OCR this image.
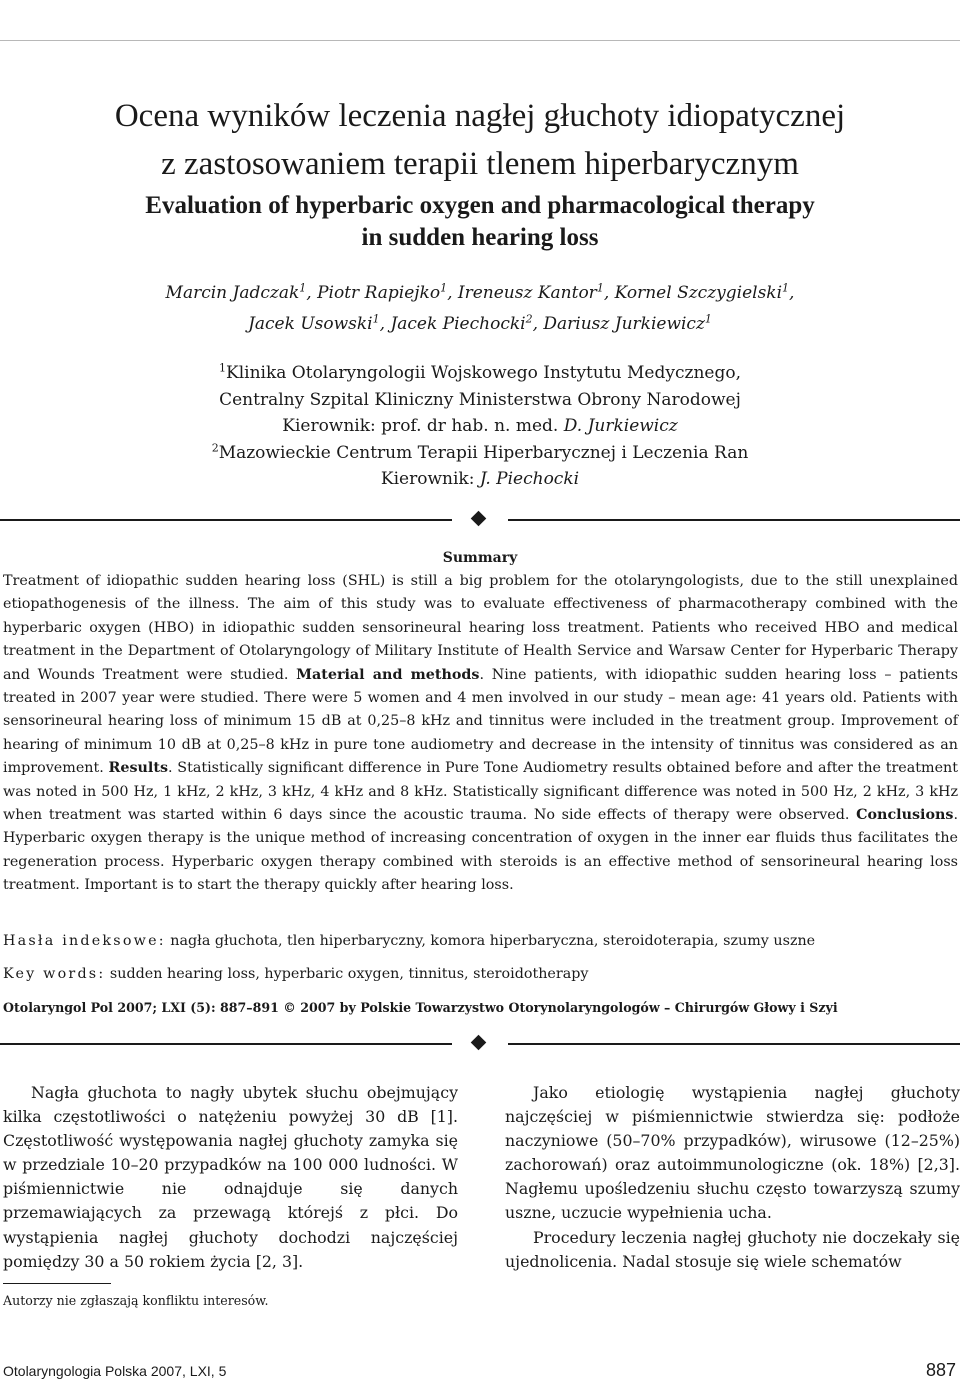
Ocena wyników leczenia nagłej głuchoty idiopatycznej
z zastosowaniem terapii tlenem hiperbarycznym
Evaluation of hyperbaric oxygen and pharmacological therapy
in sudden hearing loss
Marcin Jadczak$^1$, Piotr Rapiejko$^1$, Ireneusz Kantor$^1$, Kornel Szczygielski$^1$,
Jacek Usowski$^1$, Jacek Piechocki$^2$, Dariusz Jurkiewicz$^1$
$^1$Klinika Otolaryngologii Wojskowego Instytutu Medycznego,
Centralny Szpital Kliniczny Ministerstwa Obrony Narodowej
Kierownik: prof. dr hab. n. med. D. Jurkiewicz
$^2$Mazowieckie Centrum Terapii Hiperbarycznej i Leczenia Ran
Kierownik: J. Piechocki
Summary

Treatment of idiopathic sudden hearing loss (SHL) is still a big problem for the otolaryngologists, due to the still unexplained etiopathogenesis of the illness. The aim of this study was to evaluate effectiveness of pharmacotherapy combined with the hyperbaric oxygen (HBO) in idiopathic sudden sensorineural hearing loss treatment. Patients who received HBO and medical treatment in the Department of Otolaryngology of Military Institute of Health Service and Warsaw Center for Hyperbaric Therapy and Wounds Treatment were studied. Material and methods. Nine patients, with idiopathic sudden hearing loss – patients treated in 2007 year were studied. There were 5 women and 4 men involved in our study – mean age: 41 years old. Patients with sensorineural hearing loss of minimum 15 dB at 0,25–8 kHz and tinnitus were included in the treatment group. Improvement of hearing of minimum 10 dB at 0,25–8 kHz in pure tone audiometry and decrease in the intensity of tinnitus was considered as an improvement. Results. Statistically significant difference in Pure Tone Audiometry results obtained before and after the treatment was noted in 500 Hz, 1 kHz, 2 kHz, 3 kHz, 4 kHz and 8 kHz. Statistically significant difference was noted in 500 Hz, 2 kHz, 3 kHz when treatment was started within 6 days since the acoustic trauma. No side effects of therapy were observed. Conclusions. Hyperbaric oxygen therapy is the unique method of increasing concentration of oxygen in the inner ear fluids thus facilitates the regeneration process. Hyperbaric oxygen therapy combined with steroids is an effective method of sensorineural hearing loss treatment. Important is to start the therapy quickly after hearing loss.

Hasła indeksowe: nagła głuchota, tlen hiperbaryczny, komora hiperbaryczna, steroidoterapia, szumy uszne
Key words: sudden hearing loss, hyperbaric oxygen, tinnitus, steroidotherapy
Otolaryngol Pol 2007; LXI (5): 887–891 © 2007 by Polskie Towarzystwo Otorynolaryngologów – Chirurgów Głowy i Szyi

Nagła głuchota to nagły ubytek słuchu obejmujący kilka częstotliwości o natężeniu powyżej 30 dB [1]. Częstotliwość występowania nagłej głuchoty zamyka się w przedziale 10–20 przypadków na 100 000 ludności. W piśmiennictwie nie odnajduje się danych przemawiających za przewagą którejś z płci. Do wystąpienia nagłej głuchoty dochodzi najczęściej pomiędzy 30 a 50 rokiem życia [2, 3].

Jako etiologię wystąpienia nagłej głuchoty najczęściej w piśmiennictwie stwierdza się: podłoże naczyniowe (50–70% przypadków), wirusowe (12–25%) zachorowań) oraz autoimmunologiczne (ok. 18%) [2,3]. Nagłemu upośledzeniu słuchu często towarzyszą szumy uszne, uczucie wypełnienia ucha.

Procedury leczenia nagłej głuchoty nie doczekały się ujednolicenia. Nadal stosuje się wiele schematów

Autorzy nie zgłaszają konfliktu interesów.
Otolaryngologia Polska 2007, LXI, 5	887
